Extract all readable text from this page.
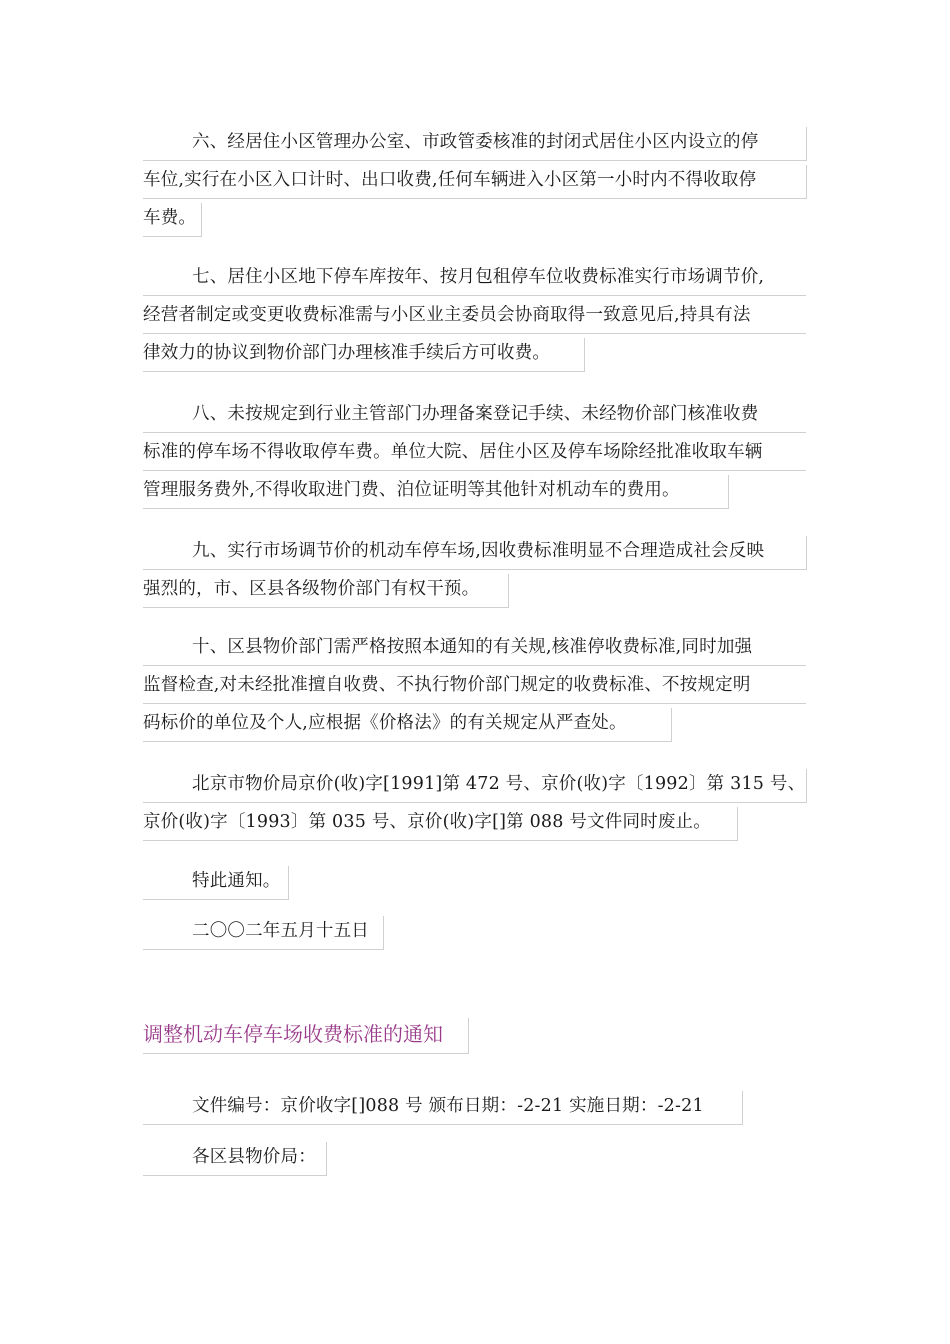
六、经居住小区管理办公室、市政管委核准的封闭式居住小区内设立的停
车位,实行在小区入口计时、出口收费,任何车辆进入小区第一小时内不得收取停
车费。
七、居住小区地下停车库按年、按月包租停车位收费标准实行市场调节价,
经营者制定或变更收费标准需与小区业主委员会协商取得一致意见后,持具有法
律效力的协议到物价部门办理核准手续后方可收费。
八、未按规定到行业主管部门办理备案登记手续、未经物价部门核准收费
标准的停车场不得收取停车费。单位大院、居住小区及停车场除经批准收取车辆
管理服务费外,不得收取进门费、泊位证明等其他针对机动车的费用。
九、实行市场调节价的机动车停车场,因收费标准明显不合理造成社会反映
强烈的，市、区县各级物价部门有权干预。
十、区县物价部门需严格按照本通知的有关规,核准停收费标准,同时加强
监督检查,对未经批准擅自收费、不执行物价部门规定的收费标准、不按规定明
码标价的单位及个人,应根据《价格法》的有关规定从严查处。
北京市物价局京价(收)字[1991]第 472 号、京价(收)字〔1992〕第 315 号、
京价(收)字〔1993〕第 035 号、京价(收)字[]第 088 号文件同时废止。
特此通知。
二〇〇二年五月十五日
调整机动车停车场收费标准的通知
文件编号：京价收字[]088 号 颁布日期：-2-21 实施日期：-2-21
各区县物价局：
